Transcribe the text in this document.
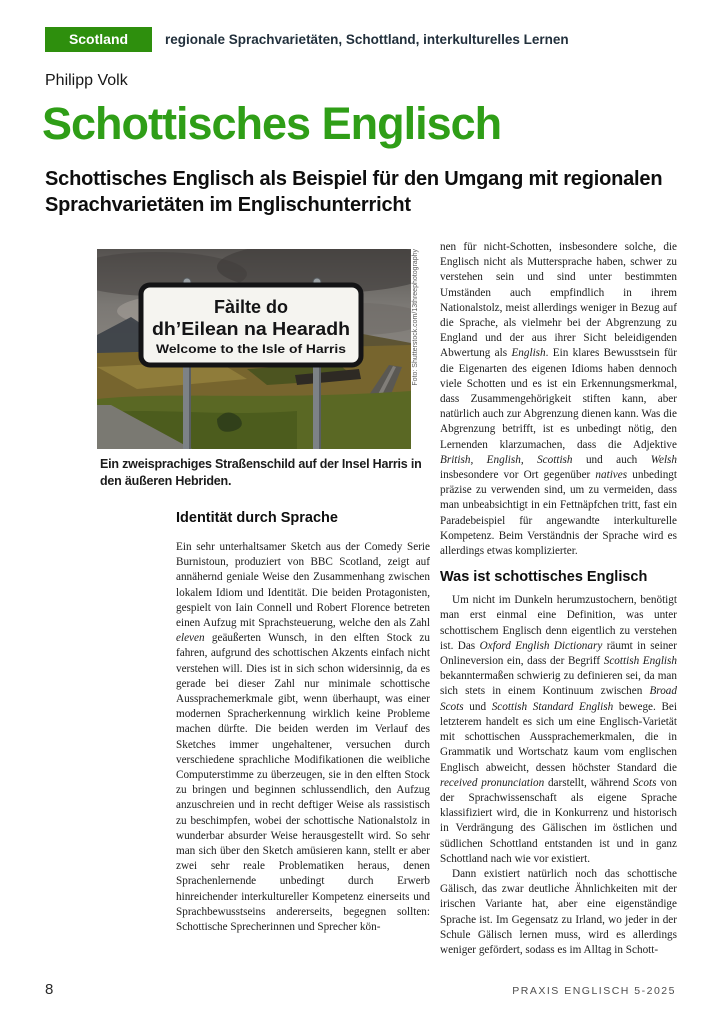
Scotland	regionale Sprachvarietäten, Schottland, interkulturelles Lernen
Philipp Volk
Schottisches Englisch
Schottisches Englisch als Beispiel für den Umgang mit regionalen Sprachvarietäten im Englischunterricht
Fàilte do
dh’Eilean na Hearadh
Welcome to the Isle of Harris	Foto: Shutterstock.com/13threephotography
Ein zweisprachiges Straßenschild auf der Insel Harris in den äußeren Hebriden.
Identität durch Sprache

Ein sehr unterhaltsamer Sketch aus der Comedy Serie Burnistoun, produziert von BBC Scotland, zeigt auf annähernd geniale Weise den Zusammenhang zwischen lokalem Idiom und Identität. Die beiden Protagonisten, gespielt von Iain Connell und Robert Florence betreten einen Aufzug mit Sprachsteuerung, welche den als Zahl eleven geäußerten Wunsch, in den elften Stock zu fahren, aufgrund des schottischen Akzents einfach nicht verstehen will. Dies ist in sich schon widersinnig, da es gerade bei dieser Zahl nur minimale schottische Aussprachemerkmale gibt, wenn überhaupt, was einer modernen Spracherkennung wirklich keine Probleme machen dürfte. Die beiden werden im Verlauf des Sketches immer ungehaltener, versuchen durch verschiedene sprachliche Modifikationen die weibliche Computerstimme zu überzeugen, sie in den elften Stock zu bringen und beginnen schlussendlich, den Aufzug anzuschreien und in recht deftiger Weise als rassistisch zu beschimpfen, wobei der schottische Nationalstolz in wunderbar absurder Weise herausgestellt wird. So sehr man sich über den Sketch amüsieren kann, stellt er aber zwei sehr reale Problematiken heraus, denen Sprachenlernende unbedingt durch Erwerb hinreichender interkultureller Kompetenz einerseits und Sprachbewusstseins andererseits, begegnen sollten: Schottische Sprecherinnen und Sprecher kön-

nen für nicht-Schotten, insbesondere solche, die Englisch nicht als Muttersprache haben, schwer zu verstehen sein und sind unter bestimmten Umständen auch empfindlich in ihrem Nationalstolz, meist allerdings weniger in Bezug auf die Sprache, als vielmehr bei der Abgrenzung zu England und der aus ihrer Sicht beleidigenden Abwertung als English. Ein klares Bewusstsein für die Eigenarten des eigenen Idioms haben dennoch viele Schotten und es ist ein Erkennungsmerkmal, dass Zusammengehörigkeit stiften kann, aber natürlich auch zur Abgrenzung dienen kann. Was die Abgrenzung betrifft, ist es unbedingt nötig, den Lernenden klarzumachen, dass die Adjektive British, English, Scottish und auch Welsh insbesondere vor Ort gegenüber natives unbedingt präzise zu verwenden sind, um zu vermeiden, dass man unbeabsichtigt in ein Fettnäpfchen tritt, fast ein Paradebeispiel für angewandte interkulturelle Kompetenz. Beim Verständnis der Sprache wird es allerdings etwas komplizierter.

Was ist schottisches Englisch

Um nicht im Dunkeln herumzustochern, benötigt man erst einmal eine Definition, was unter schottischem Englisch denn eigentlich zu verstehen ist. Das Oxford English Dictionary räumt in seiner Onlineversion ein, dass der Begriff Scottish English bekanntermaßen schwierig zu definieren sei, da man sich stets in einem Kontinuum zwischen Broad Scots und Scottish Standard English bewege. Bei letzterem handelt es sich um eine Englisch-Varietät mit schottischen Aussprachemerkmalen, die in Grammatik und Wortschatz kaum vom englischen Englisch abweicht, dessen höchster Standard die received pronunciation darstellt, während Scots von der Sprachwissenschaft als eigene Sprache klassifiziert wird, die in Konkurrenz und historisch in Verdrängung des Gälischen im östlichen und südlichen Schottland entstanden ist und in ganz Schottland nach wie vor existiert.

Dann existiert natürlich noch das schottische Gälisch, das zwar deutliche Ähnlichkeiten mit der irischen Variante hat, aber eine eigenständige Sprache ist. Im Gegensatz zu Irland, wo jeder in der Schule Gälisch lernen muss, wird es allerdings weniger gefördert, sodass es im Alltag in Schott-

8	PRAXIS ENGLISCH 5-2025
